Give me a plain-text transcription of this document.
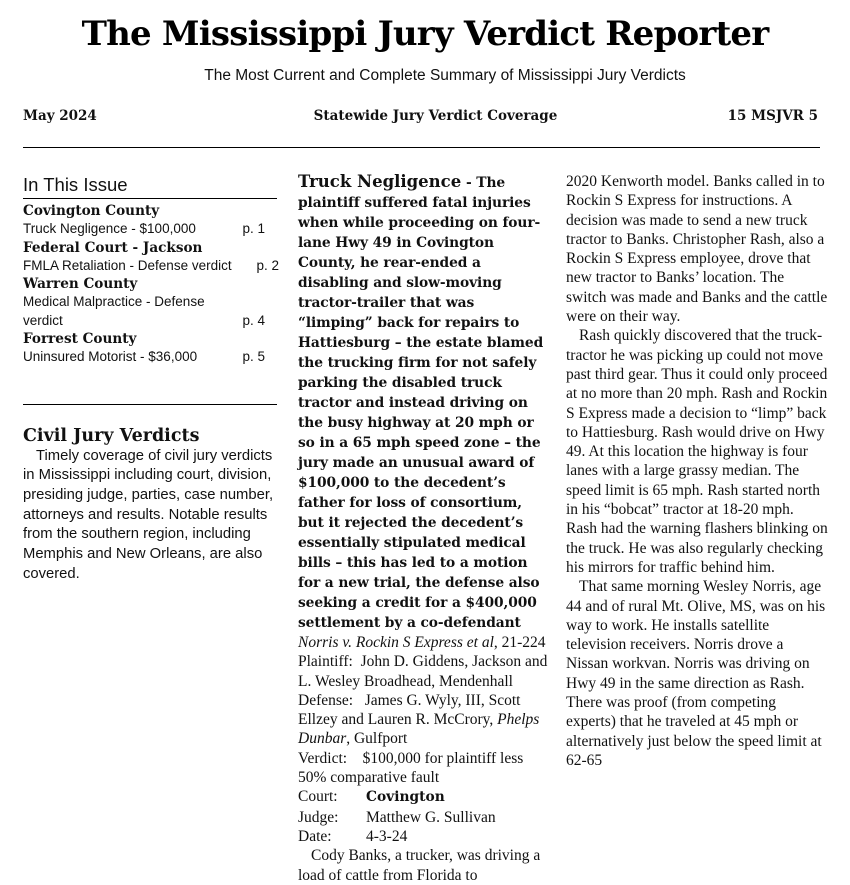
The Mississippi Jury Verdict Reporter
The Most Current and Complete Summary of Mississippi Jury Verdicts
May 2024	Statewide Jury Verdict Coverage	15 MSJVR 5
In This Issue
Covington County
Truck Negligence - $100,000	p. 1
Federal Court - Jackson
FMLA Retaliation - Defense verdict p. 2
Warren County
Medical Malpractice - Defense verdict	p. 4
Forrest County
Uninsured Motorist - $36,000	p. 5
Civil Jury Verdicts

Timely coverage of civil jury verdicts in Mississippi including court, division, presiding judge, parties, case number, attorneys and results. Notable results from the southern region, including Memphis and New Orleans, are also covered.

Truck Negligence - The plaintiff suffered fatal injuries when while proceeding on four-lane Hwy 49 in Covington County, he rear-ended a disabling and slow-moving tractor-trailer that was “limping” back for repairs to Hattiesburg – the estate blamed the trucking firm for not safely parking the disabled truck tractor and instead driving on the busy highway at 20 mph or so in a 65 mph speed zone – the jury made an unusual award of $100,000 to the decedent’s father for loss of consortium, but it rejected the decedent’s essentially stipulated medical bills – this has led to a motion for a new trial, the defense also seeking a credit for a $400,000 settlement by a co-defendant

Norris v. Rockin S Express et al, 21-224
Plaintiff: John D. Giddens, Jackson and L. Wesley Broadhead, Mendenhall
Defense: James G. Wyly, III, Scott Ellzey and Lauren R. McCrory, Phelps Dunbar, Gulfport
Verdict: $100,000 for plaintiff less 50% comparative fault
Court: Covington
Judge: Matthew G. Sullivan
Date: 4-3-24

Cody Banks, a trucker, was driving a load of cattle from Florida to

2020 Kenworth model. Banks called in to Rockin S Express for instructions. A decision was made to send a new truck tractor to Banks. Christopher Rash, also a Rockin S Express employee, drove that new tractor to Banks’ location. The switch was made and Banks and the cattle were on their way.

Rash quickly discovered that the truck-tractor he was picking up could not move past third gear. Thus it could only proceed at no more than 20 mph. Rash and Rockin S Express made a decision to “limp” back to Hattiesburg. Rash would drive on Hwy 49. At this location the highway is four lanes with a large grassy median. The speed limit is 65 mph. Rash started north in his “bobcat” tractor at 18-20 mph. Rash had the warning flashers blinking on the truck. He was also regularly checking his mirrors for traffic behind him.

That same morning Wesley Norris, age 44 and of rural Mt. Olive, MS, was on his way to work. He installs satellite television receivers. Norris drove a Nissan workvan. Norris was driving on Hwy 49 in the same direction as Rash. There was proof (from competing experts) that he traveled at 45 mph or alternatively just below the speed limit at 62-65
